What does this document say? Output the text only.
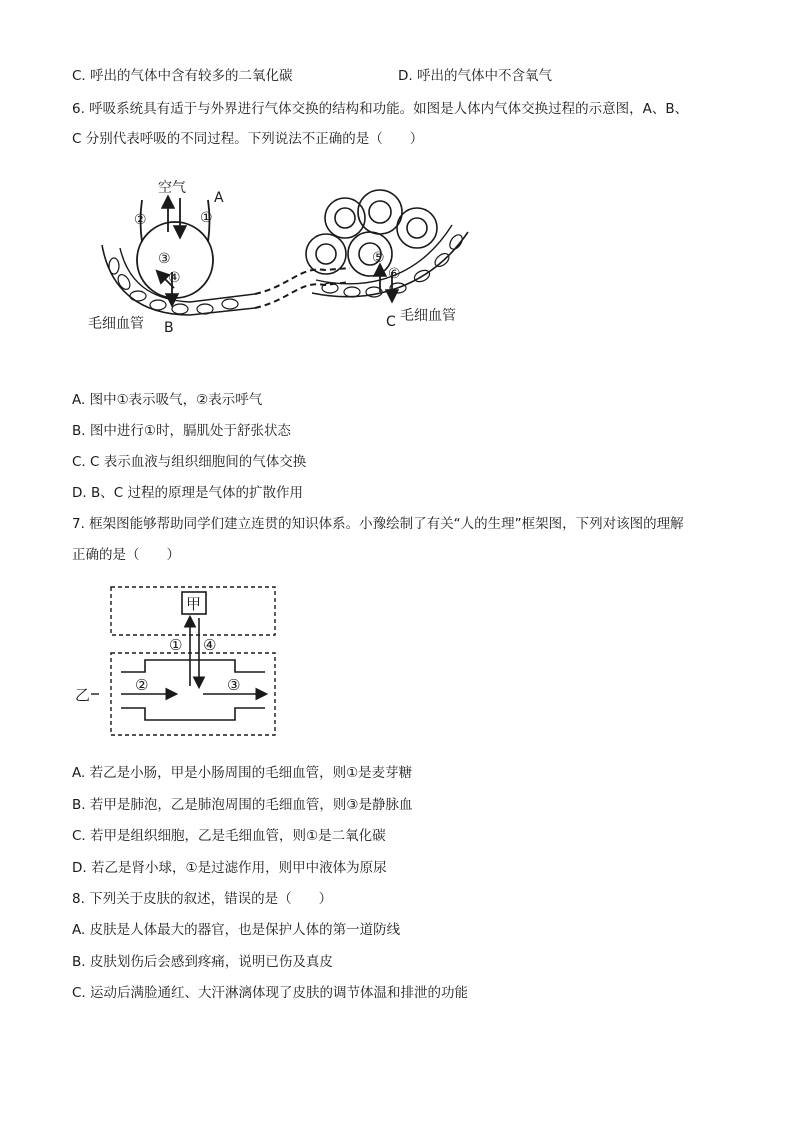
C. 呼出的气体中含有较多的二氧化碳	D. 呼出的气体中不含氧气
6. 呼吸系统具有适于与外界进行气体交换的结构和功能。如图是人体内气体交换过程的示意图，A、B、
C 分别代表呼吸的不同过程。下列说法不正确的是（　　）
空气
A
②	①
③
④
⑤
⑥
毛细血管 B	C 毛细血管
A. 图中①表示吸气，②表示呼气
B. 图中进行①时，膈肌处于舒张状态
C. C 表示血液与组织细胞间的气体交换
D. B、C 过程的原理是气体的扩散作用
7. 框架图能够帮助同学们建立连贯的知识体系。小豫绘制了有关“人的生理”框架图，下列对该图的理解
正确的是（　　）
甲
乙
① ④
②	③
A. 若乙是小肠，甲是小肠周围的毛细血管，则①是麦芽糖
B. 若甲是肺泡，乙是肺泡周围的毛细血管，则③是静脉血
C. 若甲是组织细胞，乙是毛细血管，则①是二氧化碳
D. 若乙是肾小球，①是过滤作用，则甲中液体为原尿
8. 下列关于皮肤的叙述，错误的是（　　）
A. 皮肤是人体最大的器官，也是保护人体的第一道防线
B. 皮肤划伤后会感到疼痛，说明已伤及真皮
C. 运动后满脸通红、大汗淋漓体现了皮肤的调节体温和排泄的功能
